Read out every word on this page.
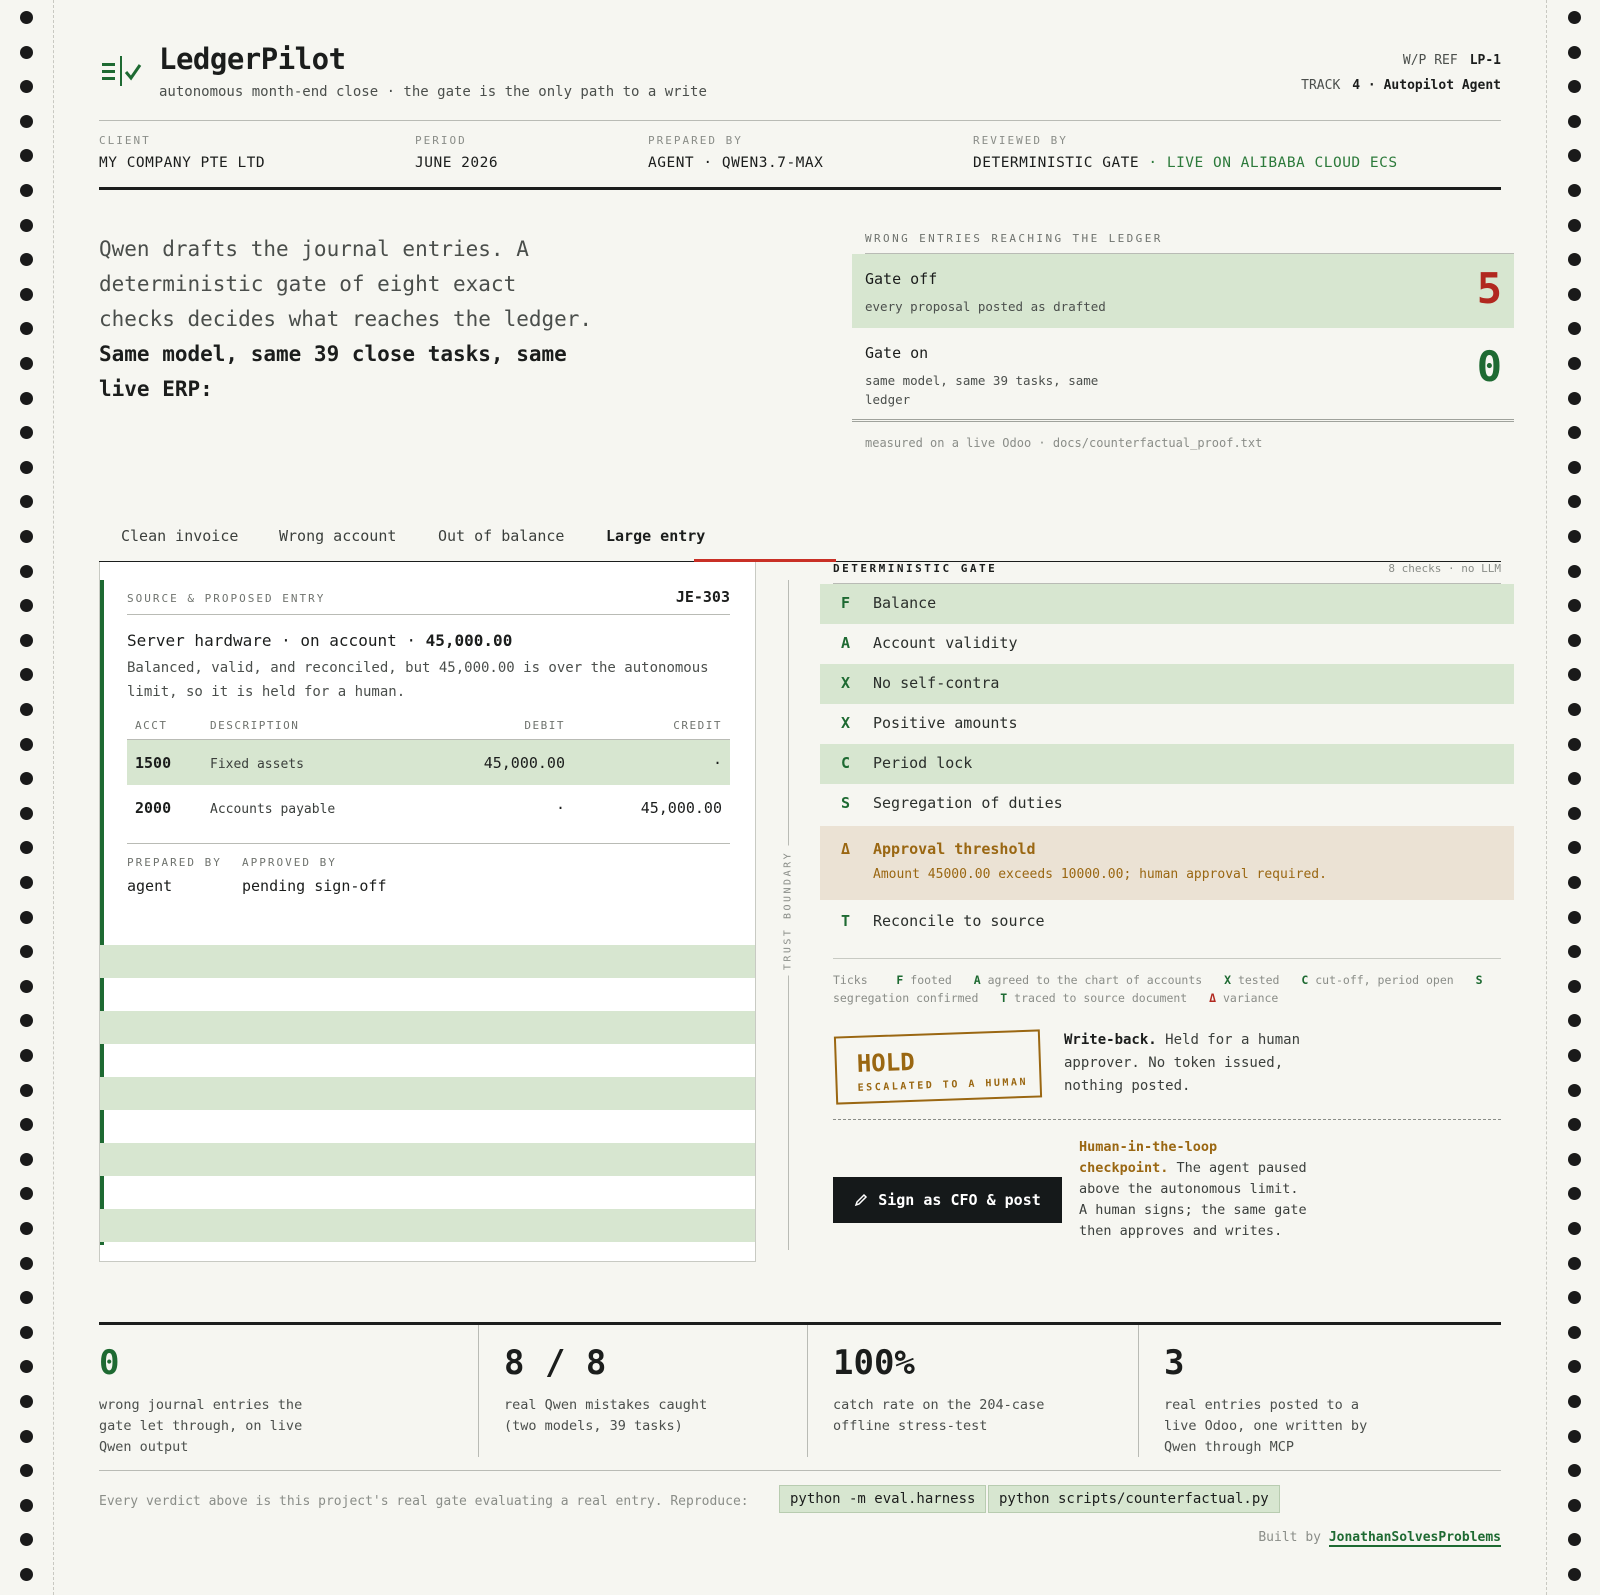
LedgerPilot
autonomous month-end close · the gate is the only path to a write
W/P REF LP-1
TRACK 4 · Autopilot Agent
CLIENT
MY COMPANY PTE LTD
PERIOD
JUNE 2026
PREPARED BY
AGENT · QWEN3.7-MAX
REVIEWED BY
DETERMINISTIC GATE · LIVE ON ALIBABA CLOUD ECS
Qwen drafts the journal entries. A deterministic gate of eight exact checks decides what reaches the ledger.
Same model, same 39 close tasks, same live ERP:
WRONG ENTRIES REACHING THE LEDGER
Gate off
every proposal posted as drafted	5
Gate on
same model, same 39 tasks, same ledger
0
measured on a live Odoo · docs/counterfactual_proof.txt
Clean invoice	Wrong account	Out of balance	Large entry
SOURCE & PROPOSED ENTRY	JE-303
Server hardware · on account · 45,000.00
Balanced, valid, and reconciled, but 45,000.00 is over the autonomous limit, so it is held for a human.
ACCT	DESCRIPTION	DEBIT	CREDIT
1500	Fixed assets	45,000.00	·
2000	Accounts payable	·	45,000.00
PREPARED BY
agent
APPROVED BY
pending sign-off	TRUST BOUNDARY
DETERMINISTIC GATE	8 checks · no LLM
F Balance
A Account validity
X No self-contra
X Positive amounts
C Period lock
S Segregation of duties
Δ Approval threshold
Amount 45000.00 exceeds 10000.00; human approval required.
T Reconcile to source
Ticks	F footed A agreed to the chart of accounts X tested C cut-off, period open S segregation confirmed T traced to source document Δ variance
HOLD
ESCALATED TO A HUMAN
Write-back. Held for a human approver. No token issued, nothing posted.
Sign as CFO & post
Human-in-the-loop checkpoint. The agent paused above the autonomous limit. A human signs; the same gate then approves and writes.
0
wrong journal entries the gate let through, on live Qwen output
8 / 8
real Qwen mistakes caught (two models, 39 tasks)
100%
catch rate on the 204-case offline stress-test
3
real entries posted to a live Odoo, one written by Qwen through MCP
Every verdict above is this project's real gate evaluating a real entry. Reproduce:	python -m eval.harness	python scripts/counterfactual.py
Built by JonathanSolvesProblems
